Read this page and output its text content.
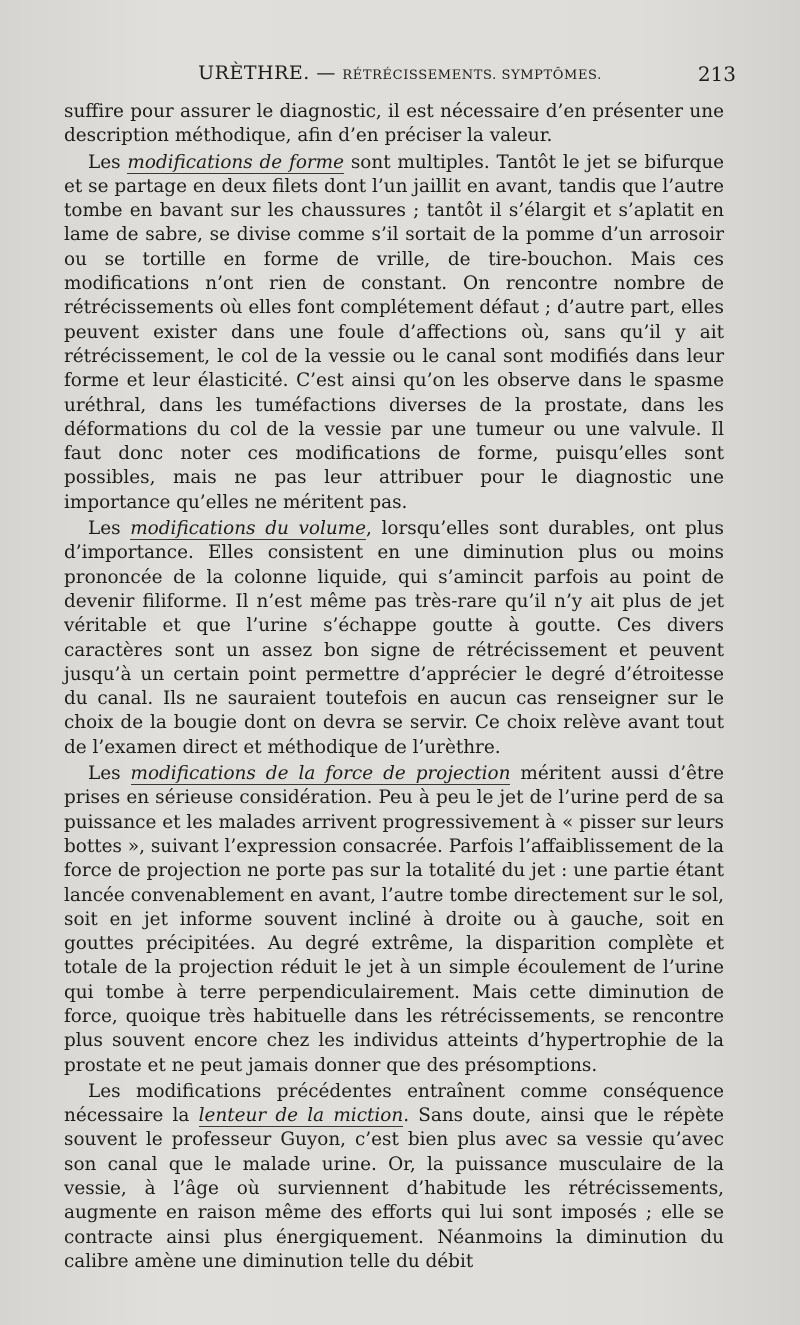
URÈTHRE. — RÉTRÉCISSEMENTS. SYMPTÔMES.	213

suffire pour assurer le diagnostic, il est nécessaire d’en présenter une description méthodique, afin d’en préciser la valeur.

Les modifications de forme sont multiples. Tantôt le jet se bifurque et se partage en deux filets dont l’un jaillit en avant, tandis que l’autre tombe en bavant sur les chaussures ; tantôt il s’élargit et s’aplatit en lame de sabre, se divise comme s’il sortait de la pomme d’un arrosoir ou se tortille en forme de vrille, de tire-bouchon. Mais ces modifications n’ont rien de constant. On rencontre nombre de rétrécissements où elles font complétement défaut ; d’autre part, elles peuvent exister dans une foule d’affections où, sans qu’il y ait rétrécissement, le col de la vessie ou le canal sont modifiés dans leur forme et leur élasticité. C’est ainsi qu’on les observe dans le spasme uréthral, dans les tuméfactions diverses de la prostate, dans les déformations du col de la vessie par une tumeur ou une valvule. Il faut donc noter ces modifications de forme, puisqu’elles sont possibles, mais ne pas leur attribuer pour le diagnostic une importance qu’elles ne méritent pas.

Les modifications du volume, lorsqu’elles sont durables, ont plus d’importance. Elles consistent en une diminution plus ou moins prononcée de la colonne liquide, qui s’amincit parfois au point de devenir filiforme. Il n’est même pas très-rare qu’il n’y ait plus de jet véritable et que l’urine s’échappe goutte à goutte. Ces divers caractères sont un assez bon signe de rétrécissement et peuvent jusqu’à un certain point permettre d’apprécier le degré d’étroitesse du canal. Ils ne sauraient toutefois en aucun cas renseigner sur le choix de la bougie dont on devra se servir. Ce choix relève avant tout de l’examen direct et méthodique de l’urèthre.

Les modifications de la force de projection méritent aussi d’être prises en sérieuse considération. Peu à peu le jet de l’urine perd de sa puissance et les malades arrivent progressivement à « pisser sur leurs bottes », suivant l’expression consacrée. Parfois l’affaiblissement de la force de projection ne porte pas sur la totalité du jet : une partie étant lancée convenablement en avant, l’autre tombe directement sur le sol, soit en jet informe souvent incliné à droite ou à gauche, soit en gouttes précipitées. Au degré extrême, la disparition complète et totale de la projection réduit le jet à un simple écoulement de l’urine qui tombe à terre perpendiculairement. Mais cette diminution de force, quoique très habituelle dans les rétrécissements, se rencontre plus souvent encore chez les individus atteints d’hypertrophie de la prostate et ne peut jamais donner que des présomptions.

Les modifications précédentes entraînent comme conséquence nécessaire la lenteur de la miction. Sans doute, ainsi que le répète souvent le professeur Guyon, c’est bien plus avec sa vessie qu’avec son canal que le malade urine. Or, la puissance musculaire de la vessie, à l’âge où surviennent d’habitude les rétrécissements, augmente en raison même des efforts qui lui sont imposés ; elle se contracte ainsi plus énergiquement. Néanmoins la diminution du calibre amène une diminution telle du débit
